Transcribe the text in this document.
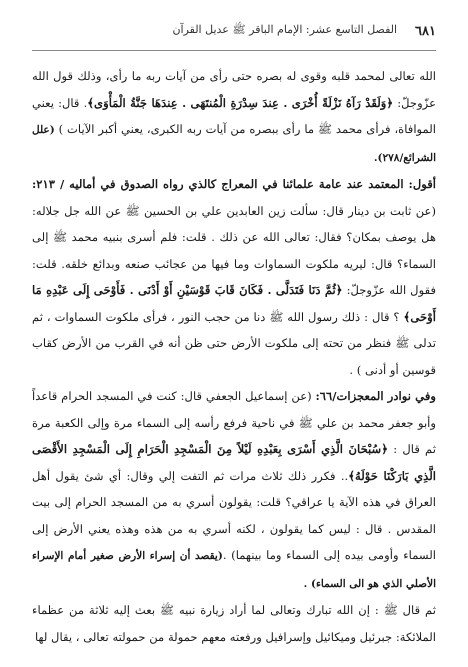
٦٨١
الفصل التاسع عشر: الإمام الباقر ﷺ عديل القرآن

الله تعالى لمحمد قلبه وقوى له بصره حتى رأى من آيات ربه ما رأى، وذلك قول الله عزّوجلّ: ﴿وَلَقَدْ رَآهُ نَزْلَةً أُخْرَى . عِندَ سِدْرَةِ الْمُنتَهَى . عِندَهَا جَنَّةُ الْمَأْوَى﴾. قال: يعني الموافاة، فرأى محمد ﷺ ما رأى ببصره من آيات ربه الكبرى، يعني أكبر الآيات ) (علل الشرائع/٢٧٨).

أقول: المعتمد عند عامة علمائنا في المعراج كالذي رواه الصدوق في أماليه / ٢١٣: (عن ثابت بن دينار قال: سألت زين العابدين علي بن الحسين ﷺ عن الله جل جلاله: هل يوصف بمكان؟ فقال: تعالى الله عن ذلك . قلت: فلم أسرى بنبيه محمد ﷺ إلى السماء؟ قال: ليريه ملكوت السماوات وما فيها من عجائب صنعه وبدائع خلقه. قلت: فقول الله عزّوجلّ: ﴿ثُمَّ دَنَا فَتَدَلَّى . فَكَانَ قَابَ قَوْسَيْنِ أَوْ أَدْنَى . فَأَوْحَى إِلَى عَبْدِهِ مَا أَوْحَى﴾ ؟ قال : ذلك رسول الله ﷺ دنا من حجب النور ، فرأى ملكوت السماوات ، ثم تدلى ﷺ فنظر من تحته إلى ملكوت الأرض حتى ظن أنه في القرب من الأرض كقاب قوسين أو أدنى ) .

وفي نوادر المعجزات/٦٦: (عن إسماعيل الجعفي قال: كنت في المسجد الحرام قاعداً وأبو جعفر محمد بن علي ﷺ في ناحية فرفع رأسه إلى السماء مرة وإلى الكعبة مرة ثم قال : ﴿سُبْحَانَ الَّذِي أَسْرَى بِعَبْدِهِ لَيْلاً مِنَ الْمَسْجِدِ الْحَرَامِ إِلَى الْمَسْجِدِ الأَقْصَى الَّذِي بَارَكْنَا حَوْلَهُ﴾.. فكرر ذلك ثلاث مرات ثم التفت إلي وقال: أي شئ يقول أهل العراق في هذه الآية يا عراقي؟ قلت: يقولون أسري به من المسجد الحرام إلى بيت المقدس . قال : ليس كما يقولون ، لكنه أسري به من هذه وهذه يعني الأرض إلى السماء وأومى بيده إلى السماء وما بينهما) .(يقصد أن إسراء الأرض صغير أمام الإسراء الأصلي الذي هو الى السماء) .

ثم قال ﷺ : إن الله تبارك وتعالى لما أراد زيارة نبيه ﷺ بعث إليه ثلاثة من عظماء الملائكة: جبرئيل وميكائيل وإسرافيل ورفعته معهم حمولة من حمولته تعالى ، يقال لها
